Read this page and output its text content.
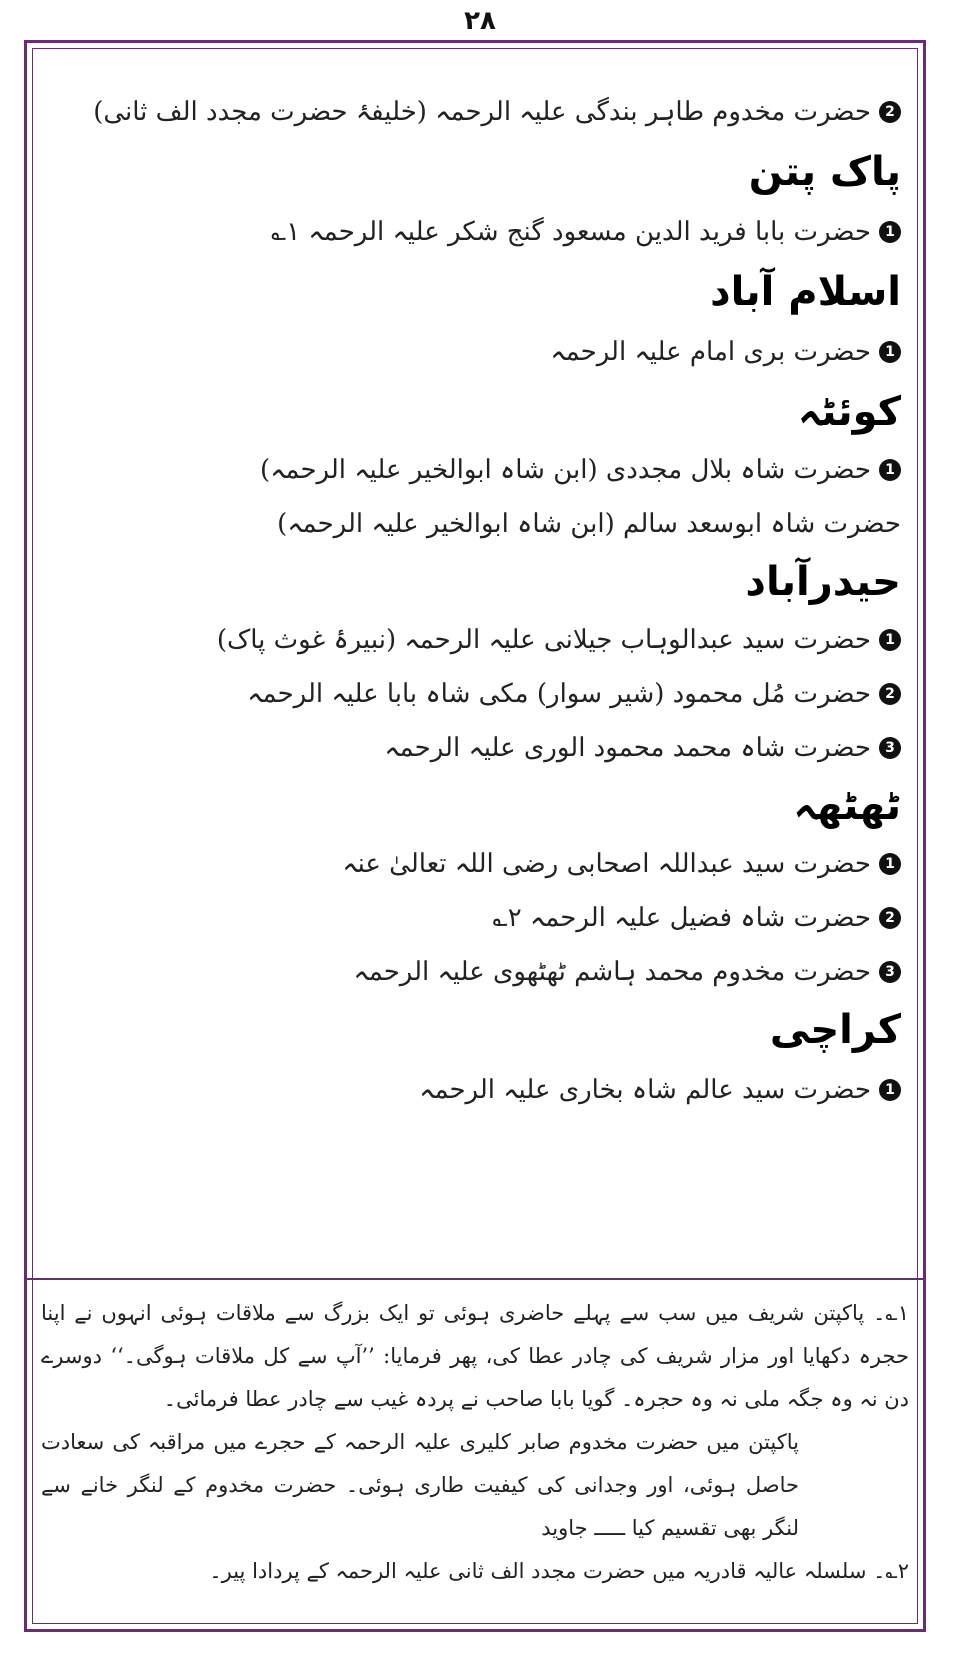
۲۸
2
حضرت مخدوم طاہر بندگی علیہ الرحمہ (خلیفۂ حضرت مجدد الف ثانی)
پاک پتن
1
حضرت بابا فرید الدین مسعود گنج شکر علیہ الرحمہ ۱؎
اسلام آباد
1
حضرت بری امام علیہ الرحمہ
کوئٹہ
1
حضرت شاہ بلال مجددی (ابن شاہ ابوالخیر علیہ الرحمہ)
حضرت شاہ ابوسعد سالم (ابن شاہ ابوالخیر علیہ الرحمہ)
حیدرآباد
1
حضرت سید عبدالوہاب جیلانی علیہ الرحمہ (نبیرۂ غوث پاک)
2
حضرت مُل محمود (شیر سوار) مکی شاہ بابا علیہ الرحمہ
3
حضرت شاہ محمد محمود الوری علیہ الرحمہ
ٹھٹھہ
1
حضرت سید عبداللہ اصحابی رضی اللہ تعالیٰ عنہ
2
حضرت شاہ فضیل علیہ الرحمہ ۲؎
3
حضرت مخدوم محمد ہاشم ٹھٹھوی علیہ الرحمہ
کراچی
1
حضرت سید عالم شاہ بخاری علیہ الرحمہ

۱؎۔ پاکپتن شریف میں سب سے پہلے حاضری ہوئی تو ایک بزرگ سے ملاقات ہوئی انہوں نے اپنا حجرہ دکھایا اور مزار شریف کی چادر عطا کی، پھر فرمایا: ’’آپ سے کل ملاقات ہوگی۔‘‘ دوسرے دن نہ وہ جگہ ملی نہ وہ حجرہ۔ گویا بابا صاحب نے پردہ غیب سے چادر عطا فرمائی۔

پاکپتن میں حضرت مخدوم صابر کلیری علیہ الرحمہ کے حجرے میں مراقبہ کی سعادت حاصل ہوئی، اور وجدانی کی کیفیت طاری ہوئی۔ حضرت مخدوم کے لنگر خانے سے لنگر بھی تقسیم کیا ـــــ جاوید

۲؎۔ سلسلہ عالیہ قادریہ میں حضرت مجدد الف ثانی علیہ الرحمہ کے پردادا پیر۔
